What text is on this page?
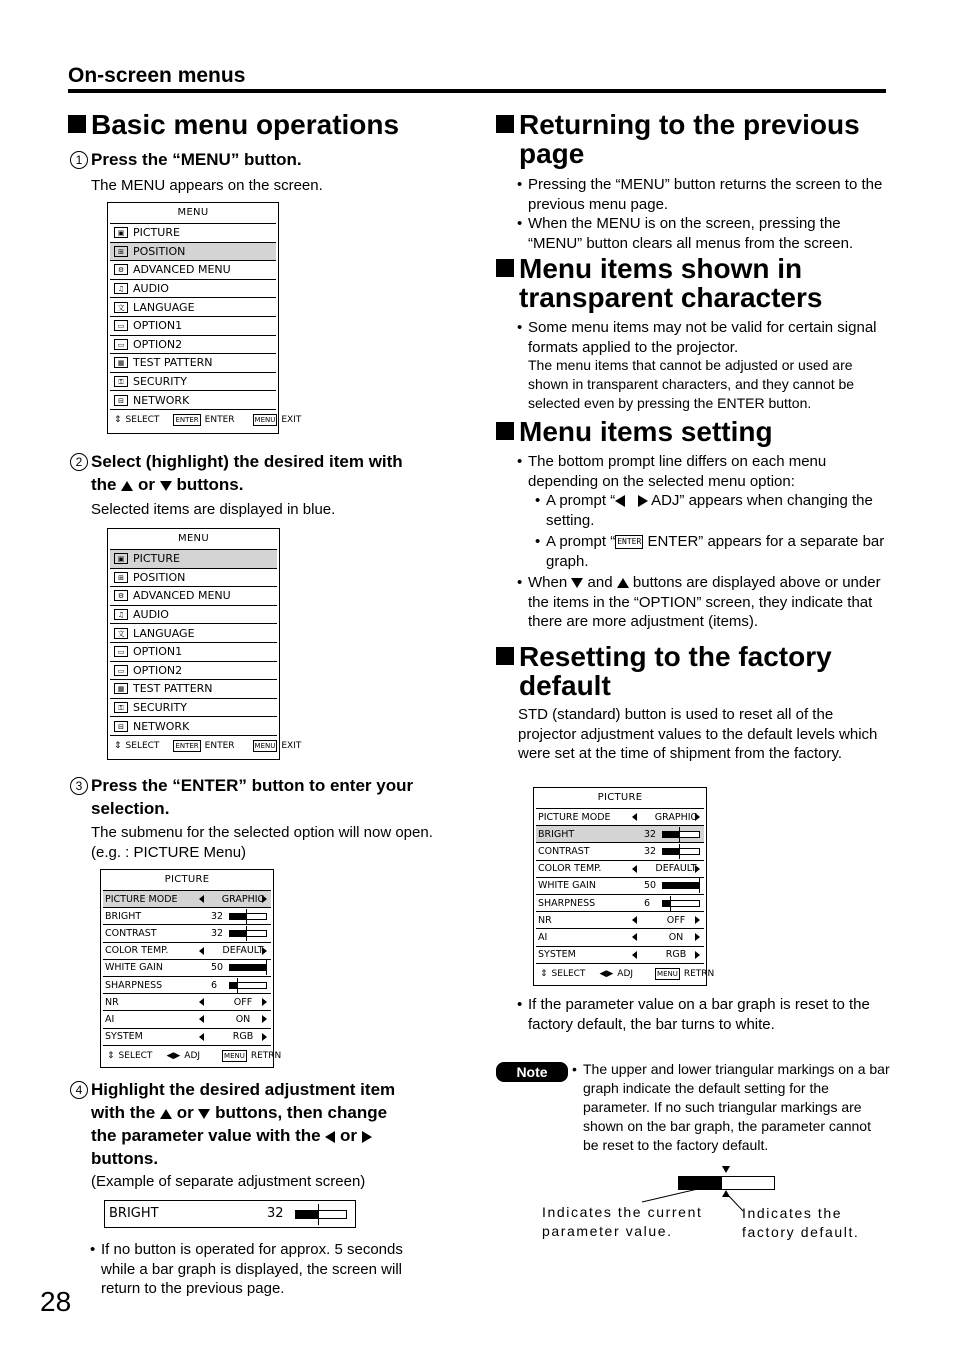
On-screen menus
Basic menu operations
1 Press the “MENU” button.
The MENU appears on the screen.
MENU
▣ PICTURE
⊞ POSITION
⚙ ADVANCED MENU
♫ AUDIO
文 LANGUAGE
▭ OPTION1
▭ OPTION2
▦ TEST PATTERN
⚿ SECURITY
⊟ NETWORK
⇕ SELECT ENTER ENTER	MENU EXIT
2 Select (highlight) the desired item with
the or buttons.
Selected items are displayed in blue.
MENU
▣ PICTURE
⊞ POSITION
⚙ ADVANCED MENU
♫ AUDIO
文 LANGUAGE
▭ OPTION1
▭ OPTION2
▦ TEST PATTERN
⚿ SECURITY
⊟ NETWORK
⇕ SELECT ENTER ENTER	MENU EXIT
3 Press the “ENTER” button to enter your
selection.
The submenu for the selected option will now open.
(e.g. : PICTURE Menu)
PICTURE
PICTURE MODE	GRAPHIC
BRIGHT	32
CONTRAST	32
COLOR TEMP.	DEFAULT
WHITE GAIN	50
SHARPNESS	6
NR	OFF
AI	ON
SYSTEM	RGB
⇕ SELECT ◀▶ ADJ	MENU RETRN
4 Highlight the desired adjustment item
with the or buttons, then change
the parameter value with the or
buttons.
(Example of separate adjustment screen)
BRIGHT	32
• If no button is operated for approx. 5 seconds while a bar graph is displayed, the screen will return to the previous page.
28
Returning to the previous
page
• Pressing the “MENU” button returns the screen to the previous menu page.
• When the MENU is on the screen, pressing the “MENU” button clears all menus from the screen.
Menu items shown in
transparent characters
• Some menu items may not be valid for certain signal formats applied to the projector.
The menu items that cannot be adjusted or used are shown in transparent characters, and they cannot be selected even by pressing the ENTER button.
Menu items setting
• The bottom prompt line differs on each menu depending on the selected menu option:
• A prompt “ ADJ” appears when changing the setting.
• A prompt “ ENTER ENTER” appears for a separate bar graph.
• When and buttons are displayed above or under the items in the “OPTION” screen, they indicate that there are more adjustment (items).
Resetting to the factory
default
STD (standard) button is used to reset all of the projector adjustment values to the default levels which were set at the time of shipment from the factory.
PICTURE
PICTURE MODE	GRAPHIC
BRIGHT	32
CONTRAST	32
COLOR TEMP.	DEFAULT
WHITE GAIN	50
SHARPNESS	6
NR	OFF
AI	ON
SYSTEM	RGB
⇕ SELECT ◀▶ ADJ	MENU RETRN
• If the parameter value on a bar graph is reset to the factory default, the bar turns to white.
Note	• The upper and lower triangular markings on a bar graph indicate the default setting for the parameter. If no such triangular markings are shown on the bar graph, the parameter cannot be reset to the factory default.
Indicates the current
parameter value.
Indicates the
factory default.
